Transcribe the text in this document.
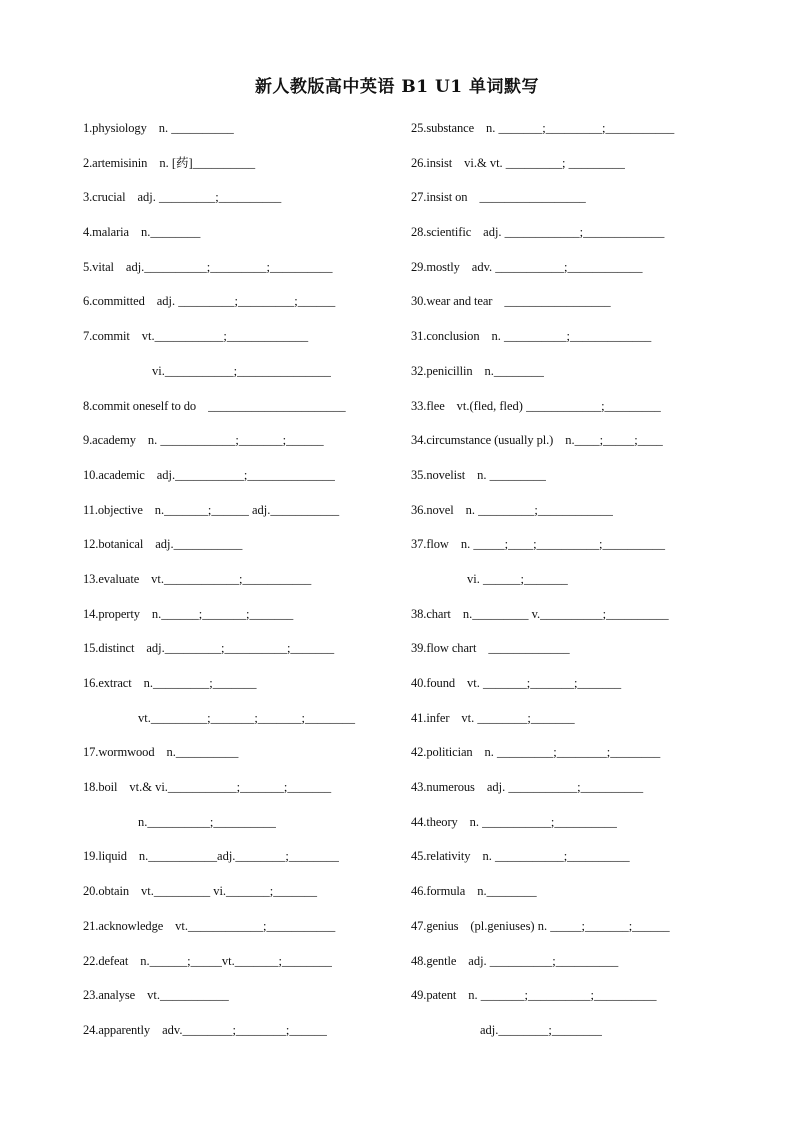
新人教版高中英语 B1 U1 单词默写
1.physiology n. __________
2.artemisinin n. [药]__________
3.crucial adj. _________;__________
4.malaria n.________
5.vital adj.__________;_________;__________
6.committed adj. _________;_________;______
7.commit vt.___________;_____________
vi.___________;_______________
8.commit oneself to do ______________________
9.academy n. ____________;_______;______
10.academic adj.___________;______________
11.objective n._______;______ adj.___________
12.botanical adj.___________
13.evaluate vt.____________;___________
14.property n.______;_______;_______
15.distinct adj._________;__________;_______
16.extract n._________;_______
vt._________;_______;_______;________
17.wormwood n.__________
18.boil vt.& vi.___________;_______;_______
n.__________;__________
19.liquid n.___________adj.________;________
20.obtain vt._________ vi._______;_______
21.acknowledge vt.____________;___________
22.defeat n.______;_____vt._______;________
23.analyse vt.___________
24.apparently adv.________;________;______
25.substance n. _______;_________;___________
26.insist vi.& vt. _________; _________
27.insist on _________________
28.scientific adj. ____________;_____________
29.mostly adv. ___________;____________
30.wear and tear _________________
31.conclusion n. __________;_____________
32.penicillin n.________
33.flee vt.(fled, fled) ____________;_________
34.circumstance (usually pl.) n.____;_____;____
35.novelist n. _________
36.novel n. _________;____________
37.flow n. _____;____;__________;__________
vi. ______;_______
38.chart n._________ v.__________;__________
39.flow chart _____________
40.found vt. _______;_______;_______
41.infer vt. ________;_______
42.politician n. _________;________;________
43.numerous adj. ___________;__________
44.theory n. ___________;__________
45.relativity n. ___________;__________
46.formula n.________
47.genius (pl.geniuses) n. _____;_______;______
48.gentle adj. __________;__________
49.patent n. _______;__________;__________
adj.________;________
